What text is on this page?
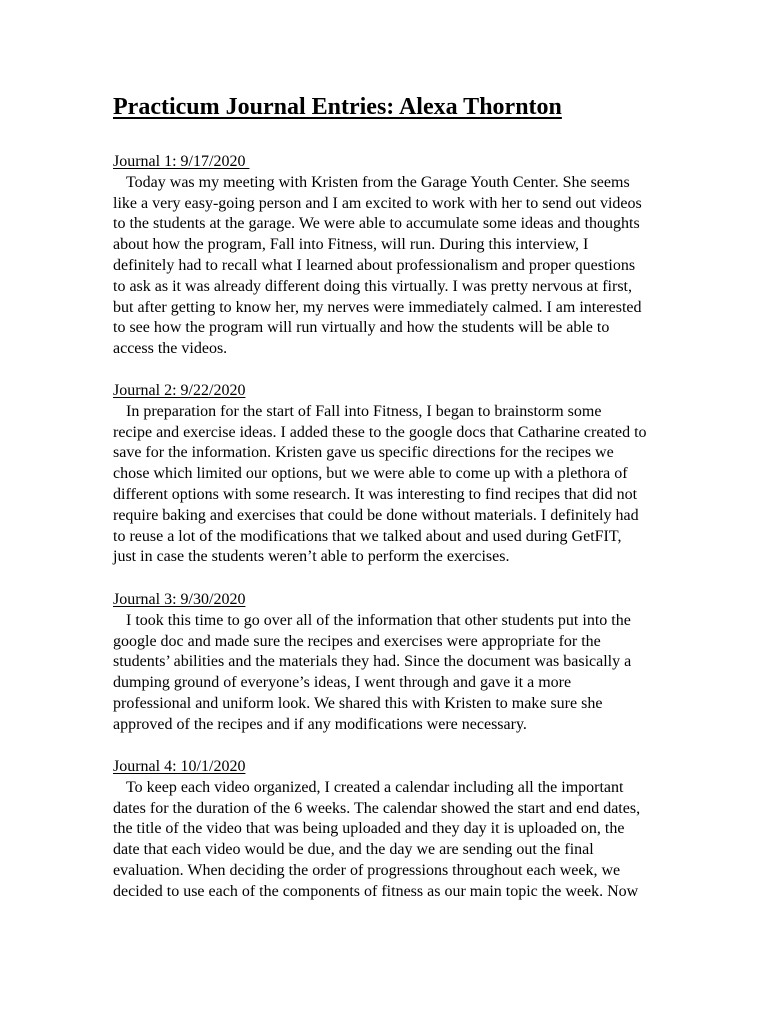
Practicum Journal Entries: Alexa Thornton
Journal 1: 9/17/2020
Today was my meeting with Kristen from the Garage Youth Center. She seems
like a very easy-going person and I am excited to work with her to send out videos
to the students at the garage. We were able to accumulate some ideas and thoughts
about how the program, Fall into Fitness, will run. During this interview, I
definitely had to recall what I learned about professionalism and proper questions
to ask as it was already different doing this virtually. I was pretty nervous at first,
but after getting to know her, my nerves were immediately calmed. I am interested
to see how the program will run virtually and how the students will be able to
access the videos.
Journal 2: 9/22/2020
In preparation for the start of Fall into Fitness, I began to brainstorm some
recipe and exercise ideas. I added these to the google docs that Catharine created to
save for the information. Kristen gave us specific directions for the recipes we
chose which limited our options, but we were able to come up with a plethora of
different options with some research. It was interesting to find recipes that did not
require baking and exercises that could be done without materials. I definitely had
to reuse a lot of the modifications that we talked about and used during GetFIT,
just in case the students weren’t able to perform the exercises.
Journal 3: 9/30/2020
I took this time to go over all of the information that other students put into the
google doc and made sure the recipes and exercises were appropriate for the
students’ abilities and the materials they had. Since the document was basically a
dumping ground of everyone’s ideas, I went through and gave it a more
professional and uniform look. We shared this with Kristen to make sure she
approved of the recipes and if any modifications were necessary.
Journal 4: 10/1/2020
To keep each video organized, I created a calendar including all the important
dates for the duration of the 6 weeks. The calendar showed the start and end dates,
the title of the video that was being uploaded and they day it is uploaded on, the
date that each video would be due, and the day we are sending out the final
evaluation. When deciding the order of progressions throughout each week, we
decided to use each of the components of fitness as our main topic the week. Now
